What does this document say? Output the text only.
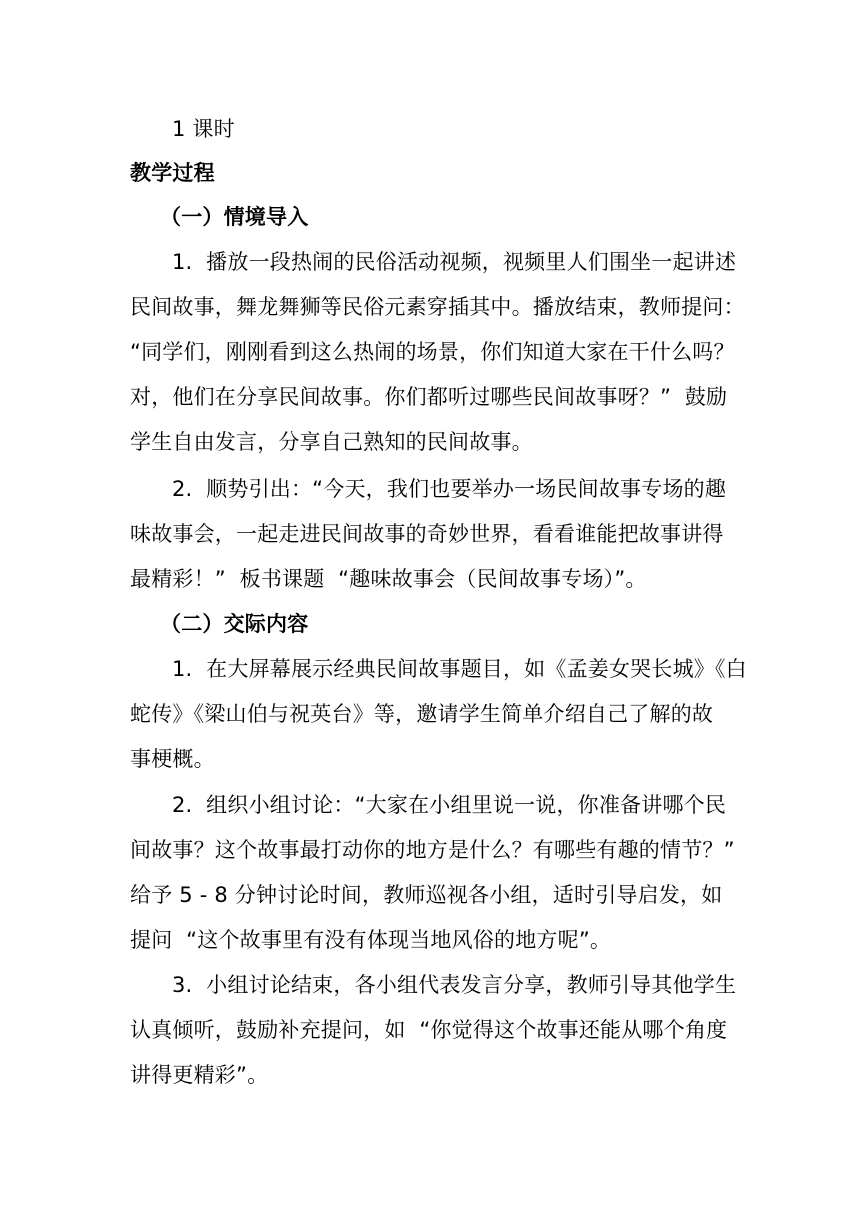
1 课时
教学过程
（一）情境导入
1.  播放一段热闹的民俗活动视频，视频里人们围坐一起讲述
民间故事，舞龙舞狮等民俗元素穿插其中。播放结束，教师提问：
“同学们，刚刚看到这么热闹的场景，你们知道大家在干什么吗？
对，他们在分享民间故事。你们都听过哪些民间故事呀？”  鼓励
学生自由发言，分享自己熟知的民间故事。
2.  顺势引出：“今天，我们也要举办一场民间故事专场的趣
味故事会，一起走进民间故事的奇妙世界，看看谁能把故事讲得
最精彩！”  板书课题  “趣味故事会（民间故事专场）”。
（二）交际内容
1.  在大屏幕展示经典民间故事题目，如《孟姜女哭长城》《白
蛇传》《梁山伯与祝英台》等，邀请学生简单介绍自己了解的故
事梗概。
2.  组织小组讨论：“大家在小组里说一说，你准备讲哪个民
间故事？这个故事最打动你的地方是什么？有哪些有趣的情节？”
给予 5 - 8 分钟讨论时间，教师巡视各小组，适时引导启发，如
提问  “这个故事里有没有体现当地风俗的地方呢”。
3.  小组讨论结束，各小组代表发言分享，教师引导其他学生
认真倾听，鼓励补充提问，如  “你觉得这个故事还能从哪个角度
讲得更精彩”。
